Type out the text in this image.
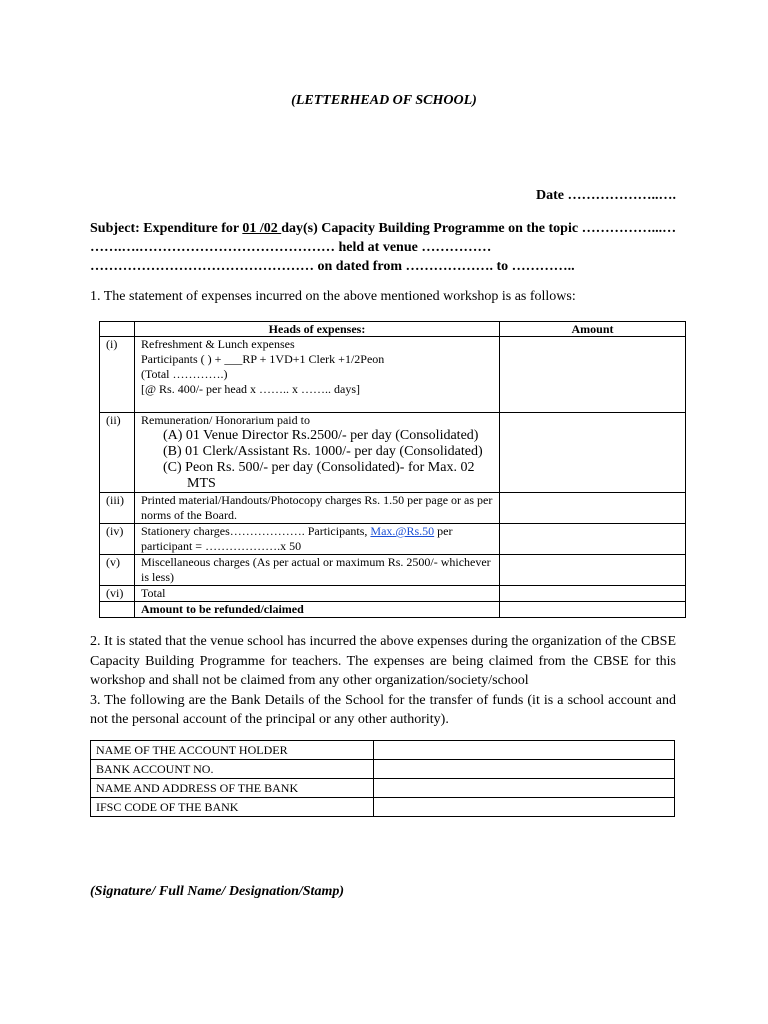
(LETTERHEAD OF SCHOOL)
Date ………………..….
Subject: Expenditure for 01 /02 day(s) Capacity Building Programme on the topic ……………...…
…….….…………………………………… held at venue ……………
………………………………………… on dated from ………………. to …………..
1. The statement of expenses incurred on the above mentioned workshop is as follows:
	Heads of expenses:	Amount
(i)	Refreshment & Lunch expenses
Participants ( ) + ___RP + 1VD+1 Clerk +1/2Peon
(Total ………….)
[@ Rs. 400/- per head x …….. x …….. days]	

(ii)	Remuneration/ Honorarium paid to
(A) 01 Venue Director Rs.2500/- per day (Consolidated)
(B) 01 Clerk/Assistant Rs. 1000/- per day (Consolidated)
(C) Peon Rs. 500/- per day (Consolidated)- for Max. 02
MTS	

(iii)	Printed material/Handouts/Photocopy charges Rs. 1.50 per page or as per norms of the Board.	
(iv)	Stationery charges………………. Participants, Max.@Rs.50 per participant = ……………….x 50	
(v)	Miscellaneous charges (As per actual or maximum Rs. 2500/- whichever is less)	
(vi)	Total	
	Amount to be refunded/claimed	
2. It is stated that the venue school has incurred the above expenses during the organization of the CBSE Capacity Building Programme for teachers. The expenses are being claimed from the CBSE for this workshop and shall not be claimed from any other organization/society/school
3. The following are the Bank Details of the School for the transfer of funds (it is a school account and not the personal account of the principal or any other authority).
NAME OF THE ACCOUNT HOLDER	
BANK ACCOUNT NO.	
NAME AND ADDRESS OF THE BANK	
IFSC CODE OF THE BANK	
(Signature/ Full Name/ Designation/Stamp)
